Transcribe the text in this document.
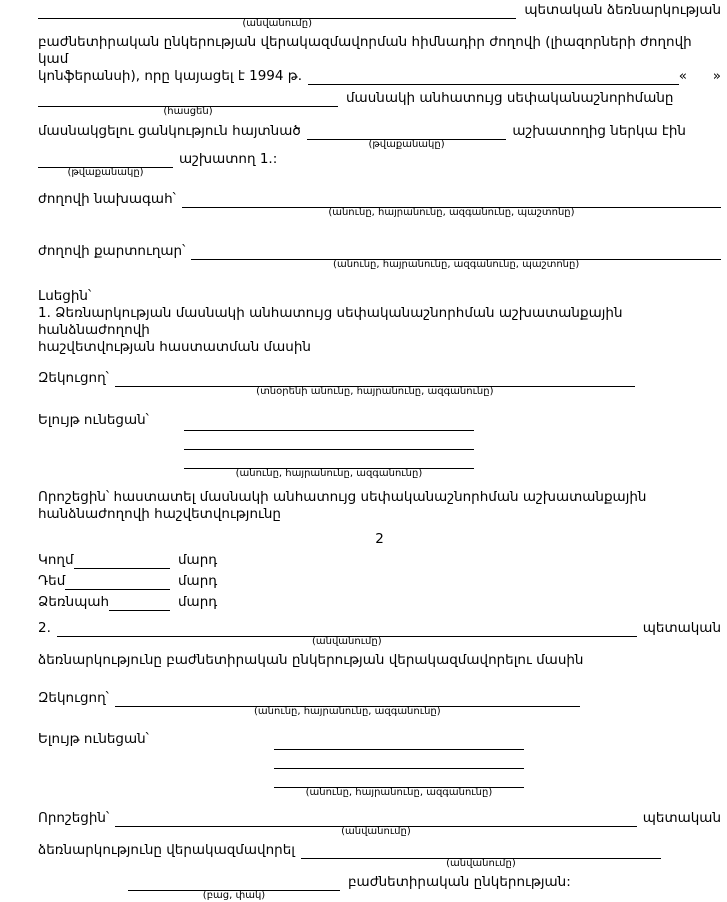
(անվանումը)
պետական ձեռնարկության
բաժնետիրական ընկերության վերակազմավորման հիմնադիր ժողովի (լիազորների ժողովի կամ
կոնֆերանսի), որը կայացել է 1994 թ.	«      »
(հասցեն)
մասնակի անհատույց սեփականաշնորհմանը
մասնակցելու ցանկություն հայտնած
(թվաքանակը)
աշխատողից ներկա էին
(թվաքանակը)
աշխատող 1.:
ժողովի նախագահ՝
(անունը, հայրանունը, ազգանունը, պաշտոնը)
ժողովի քարտուղար՝
(անունը, հայրանունը, ազգանունը, պաշտոնը)
Լսեցին՝
1. Ձեռնարկության մասնակի անհատույց սեփականաշնորհման աշխատանքային հանձնաժողովի
հաշվետվության հաստատման մասին
Զեկուցող՝
(տնօրենի անունը, հայրանունը, ազգանունը)
Ելույթ ունեցան՝
(անունը, հայրանունը, ազգանունը)
Որոշեցին՝ հաստատել մասնակի անհատույց սեփականաշնորհման աշխատանքային
հանձնաժողովի հաշվետվությունը
2
Կողմ	մարդ
Դեմ	մարդ
Ձեռնպահ	մարդ
2.
(անվանումը)
պետական
ձեռնարկությունը բաժնետիրական ընկերության վերակազմավորելու մասին
Զեկուցող՝
(անունը, հայրանունը, ազգանունը)
Ելույթ ունեցան՝
(անունը, հայրանունը, ազգանունը)
Որոշեցին՝
(անվանումը)
պետական
ձեռնարկությունը վերակազմավորել
(անվանումը)
(բաց, փակ)
բաժնետիրական ընկերության:
